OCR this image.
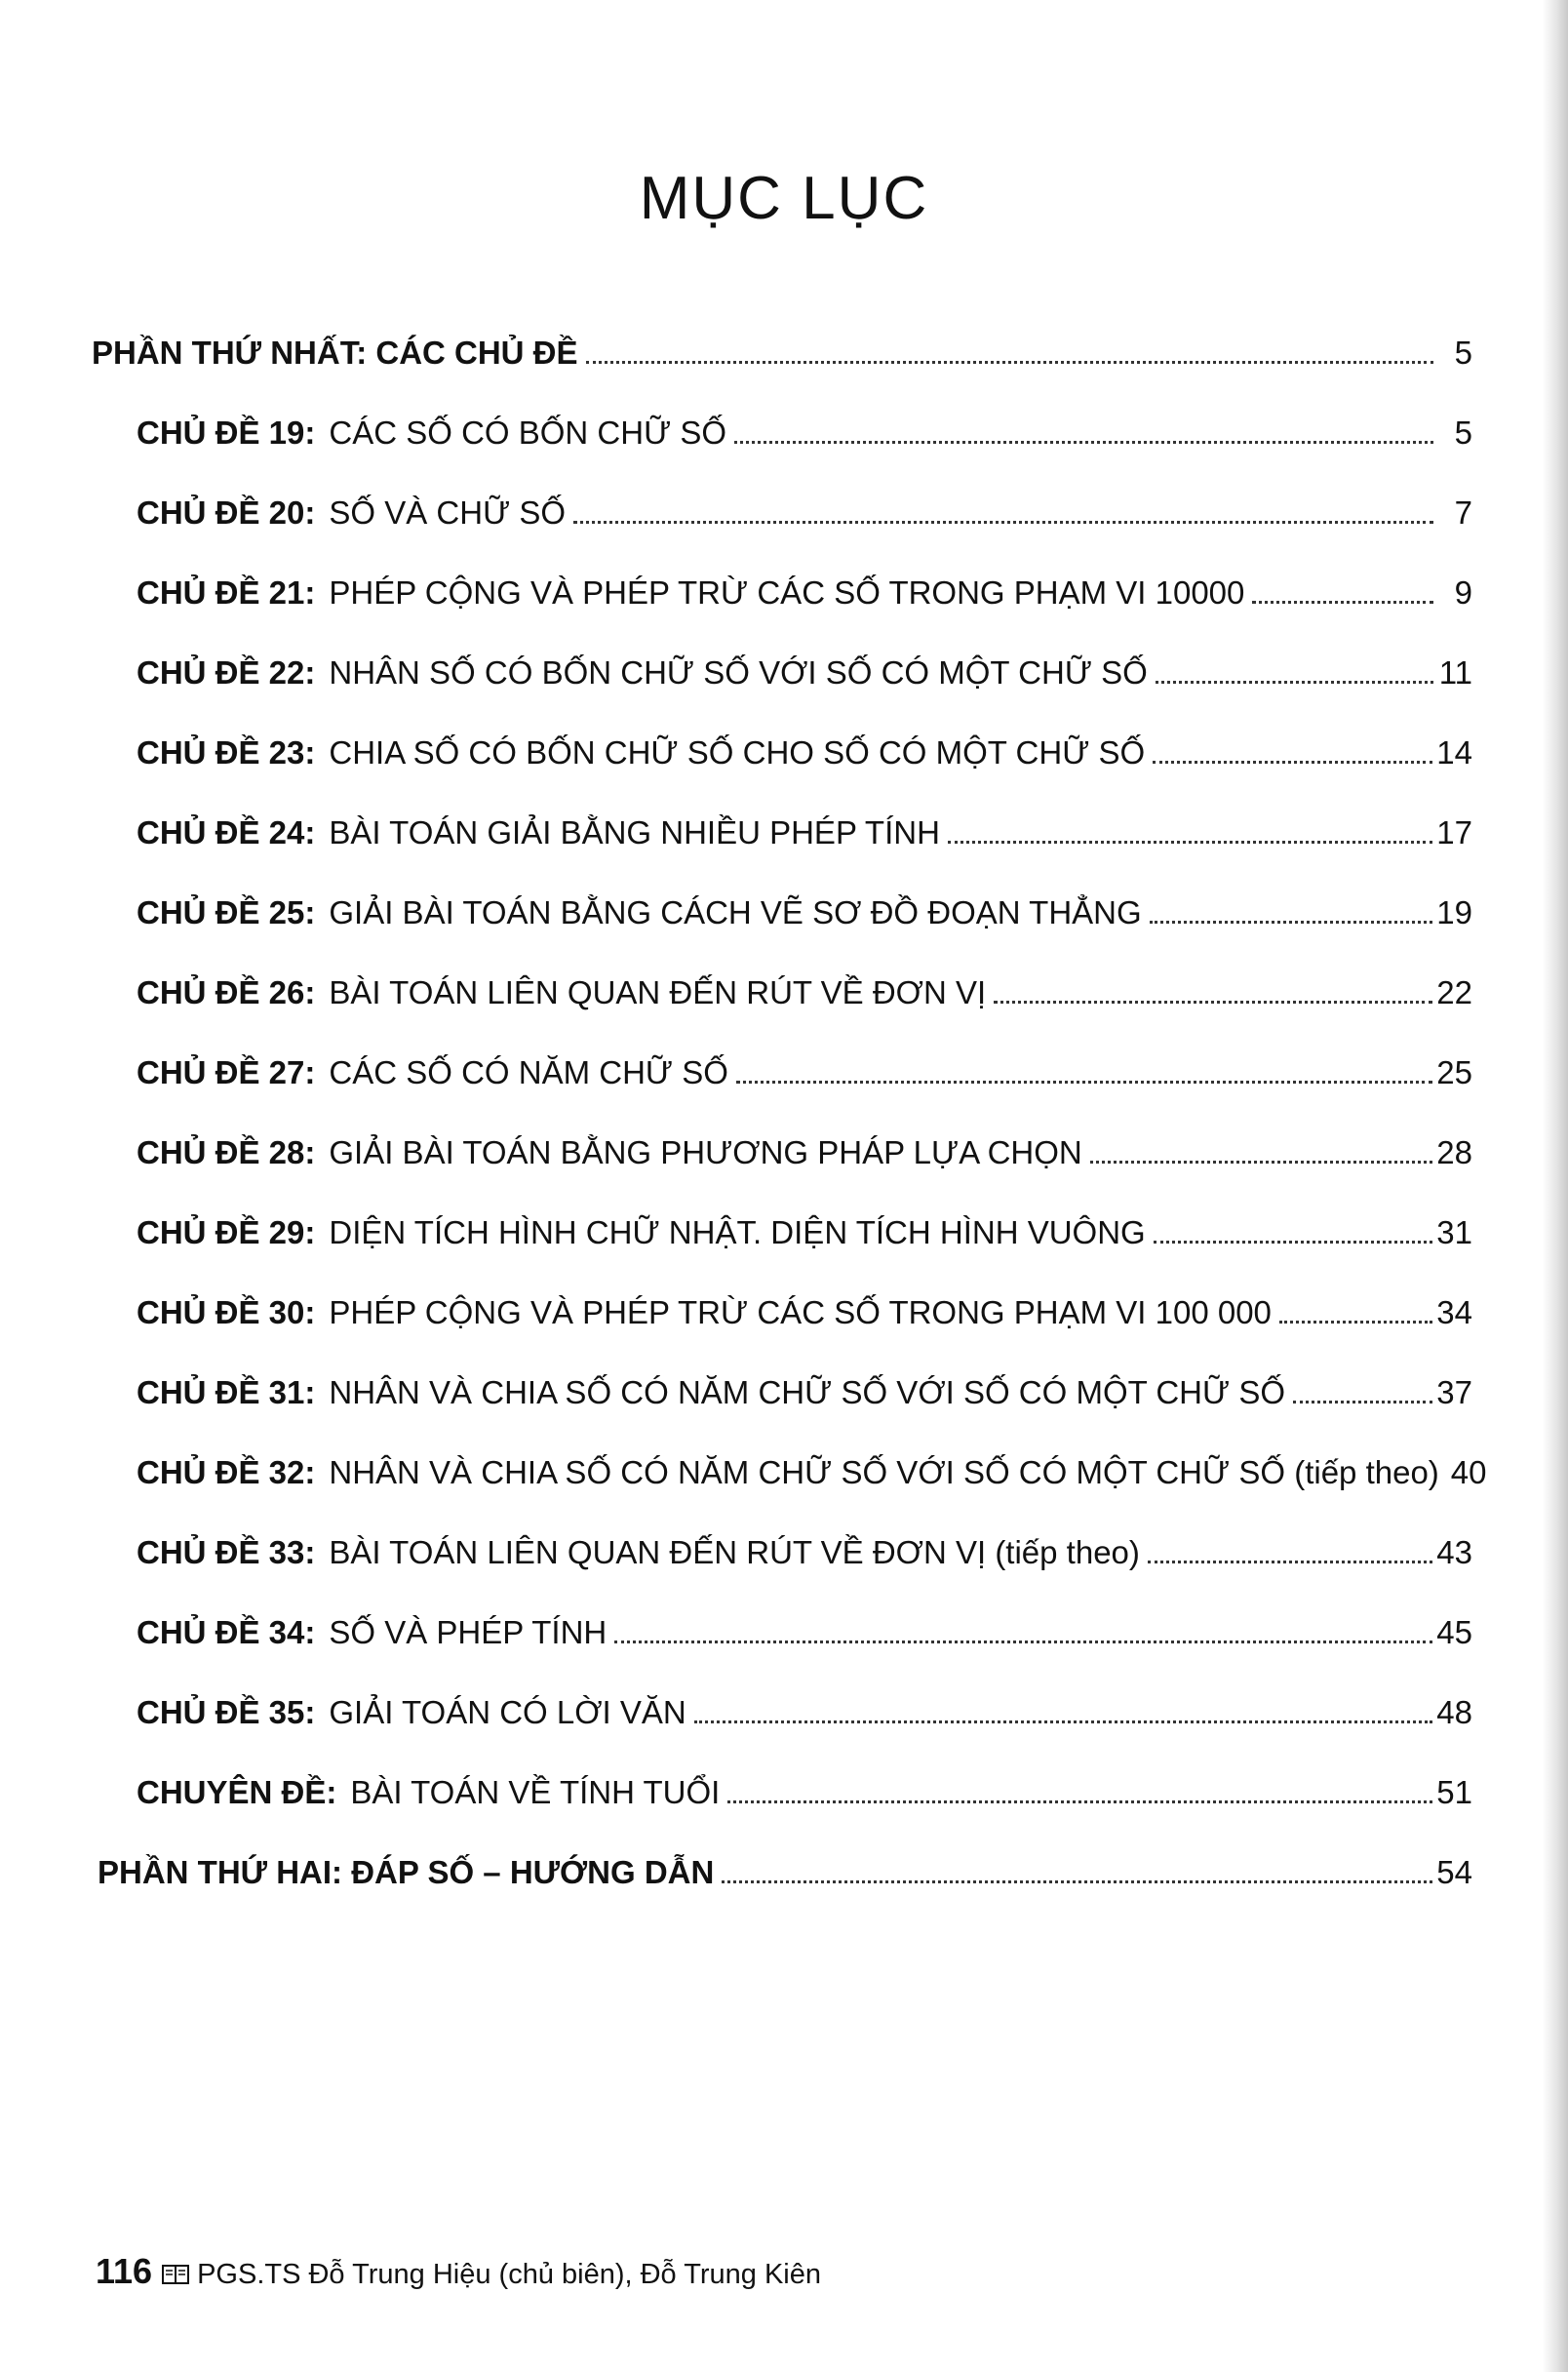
MỤC LỤC
PHẦN THỨ NHẤT: CÁC CHỦ ĐỀ	5
CHỦ ĐỀ 19: CÁC SỐ CÓ BỐN CHỮ SỐ	5
CHỦ ĐỀ 20: SỐ VÀ CHỮ SỐ	7
CHỦ ĐỀ 21: PHÉP CỘNG VÀ PHÉP TRỪ CÁC SỐ TRONG PHẠM VI 10000	9
CHỦ ĐỀ 22: NHÂN SỐ CÓ BỐN CHỮ SỐ VỚI SỐ CÓ MỘT CHỮ SỐ	11
CHỦ ĐỀ 23: CHIA SỐ CÓ BỐN CHỮ SỐ CHO SỐ CÓ MỘT CHỮ SỐ	14
CHỦ ĐỀ 24: BÀI TOÁN GIẢI BẰNG NHIỀU PHÉP TÍNH	17
CHỦ ĐỀ 25: GIẢI BÀI TOÁN BẰNG CÁCH VẼ SƠ ĐỒ ĐOẠN THẲNG	19
CHỦ ĐỀ 26: BÀI TOÁN LIÊN QUAN ĐẾN RÚT VỀ ĐƠN VỊ	22
CHỦ ĐỀ 27: CÁC SỐ CÓ NĂM CHỮ SỐ	25
CHỦ ĐỀ 28: GIẢI BÀI TOÁN BẰNG PHƯƠNG PHÁP LỰA CHỌN	28
CHỦ ĐỀ 29: DIỆN TÍCH HÌNH CHỮ NHẬT. DIỆN TÍCH HÌNH VUÔNG	31
CHỦ ĐỀ 30: PHÉP CỘNG VÀ PHÉP TRỪ CÁC SỐ TRONG PHẠM VI 100 000	34
CHỦ ĐỀ 31: NHÂN VÀ CHIA SỐ CÓ NĂM CHỮ SỐ VỚI SỐ CÓ MỘT CHỮ SỐ	37
CHỦ ĐỀ 32: NHÂN VÀ CHIA SỐ CÓ NĂM CHỮ SỐ VỚI SỐ CÓ MỘT CHỮ SỐ (tiếp theo) 40
CHỦ ĐỀ 33: BÀI TOÁN LIÊN QUAN ĐẾN RÚT VỀ ĐƠN VỊ (tiếp theo)	43
CHỦ ĐỀ 34: SỐ VÀ PHÉP TÍNH	45
CHỦ ĐỀ 35: GIẢI TOÁN CÓ LỜI VĂN	48
CHUYÊN ĐỀ: BÀI TOÁN VỀ TÍNH TUỔI	51
PHẦN THỨ HAI: ĐÁP SỐ – HƯỚNG DẪN	54
116 PGS.TS Đỗ Trung Hiệu (chủ biên), Đỗ Trung Kiên
